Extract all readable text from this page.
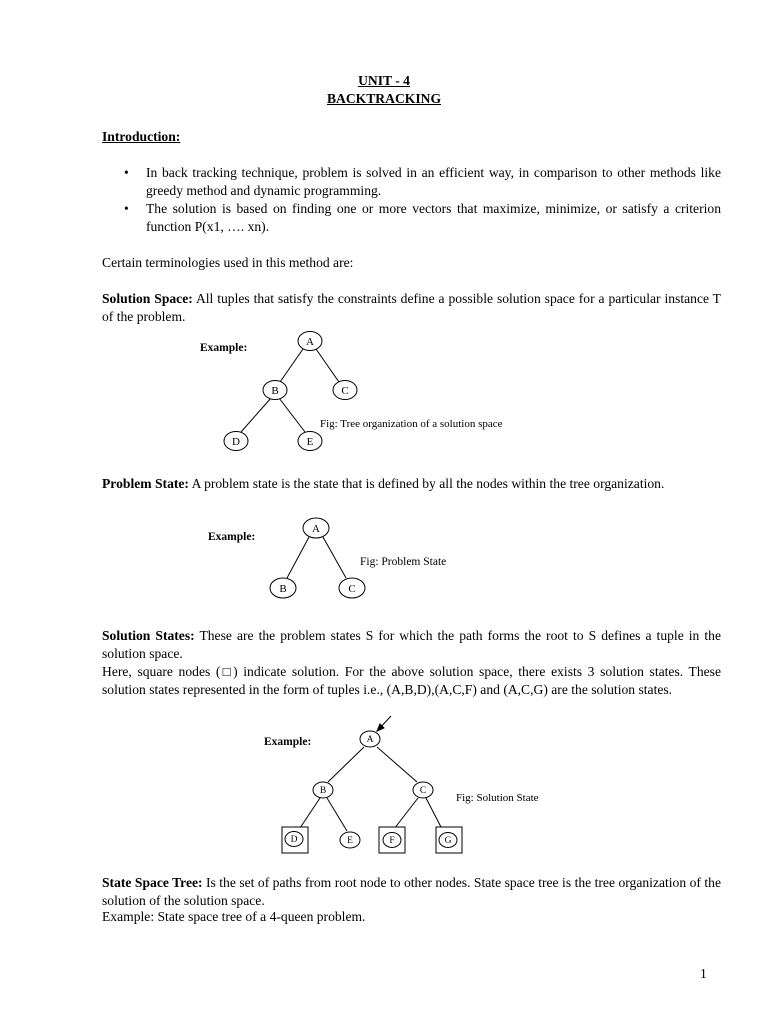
UNIT - 4

BACKTRACKING

Introduction:

• In back tracking technique, problem is solved in an efficient way, in comparison to other methods like greedy method and dynamic programming.
• The solution is based on finding one or more vectors that maximize, minimize, or satisfy a criterion function P(x1, …. xn).

Certain terminologies used in this method are:

Solution Space: All tuples that satisfy the constraints define a possible solution space for a particular instance T of the problem.

Example:	A
B	C
D	E
Fig: Tree organization of a solution space

Problem State: A problem state is the state that is defined by all the nodes within the tree organization.

Example:
A
B	C
Fig: Problem State

Solution States: These are the problem states S for which the path forms the root to S defines a tuple in the solution space.

Here, square nodes (□) indicate solution. For the above solution space, there exists 3 solution states. These solution states represented in the form of tuples i.e., (A,B,D),(A,C,F) and (A,C,G) are the solution states.

Example:	A
B	C
D	E	F	G
Fig: Solution State

State Space Tree: Is the set of paths from root node to other nodes. State space tree is the tree organization of the solution of the solution space.

Example: State space tree of a 4-queen problem.

1
